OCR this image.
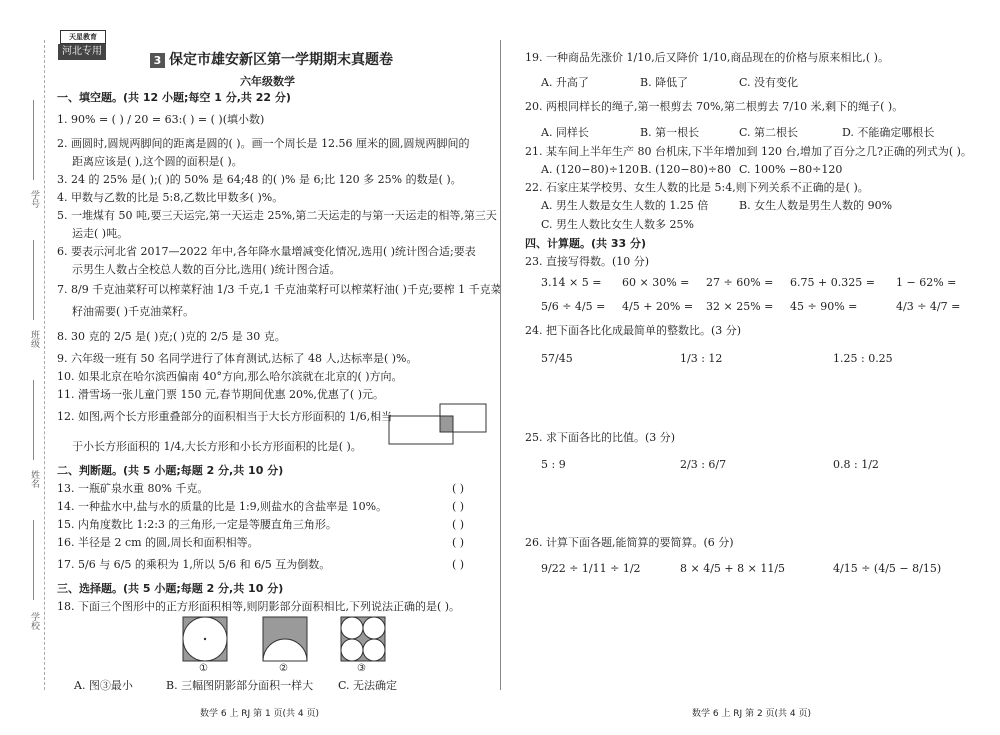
学号
班级
姓名
学校
天星教育
河北专用
3 保定市雄安新区第一学期期末真题卷
六年级数学
一、填空题。(共 12 小题;每空 1 分,共 22 分)
1. 90% = ( ) / 20 = 63:( ) = ( )(填小数)
2. 画圆时,圆规两脚间的距离是圆的( )。画一个周长是 12.56 厘米的圆,圆规两脚间的
距离应该是( ),这个圆的面积是( )。
3. 24 的 25% 是( );( )的 50% 是 64;48 的( )% 是 6;比 120 多 25% 的数是( )。
4. 甲数与乙数的比是 5:8,乙数比甲数多( )%。
5. 一堆煤有 50 吨,要三天运完,第一天运走 25%,第二天运走的与第一天运走的相等,第三天
运走( )吨。
6. 要表示河北省 2017—2022 年中,各年降水量增减变化情况,选用( )统计图合适;要表
示男生人数占全校总人数的百分比,选用( )统计图合适。
7. 8/9 千克油菜籽可以榨菜籽油 1/3 千克,1 千克油菜籽可以榨菜籽油( )千克;要榨 1 千克菜
籽油需要( )千克油菜籽。
8. 30 克的 2/5 是( )克;( )克的 2/5 是 30 克。
9. 六年级一班有 50 名同学进行了体育测试,达标了 48 人,达标率是( )%。
10. 如果北京在哈尔滨西偏南 40°方向,那么哈尔滨就在北京的( )方向。
11. 滑雪场一张儿童门票 150 元,春节期间优惠 20%,优惠了( )元。
12. 如图,两个长方形重叠部分的面积相当于大长方形面积的 1/6,相当
于小长方形面积的 1/4,大长方形和小长方形面积的比是( )。
二、判断题。(共 5 小题;每题 2 分,共 10 分)
13. 一瓶矿泉水重 80% 千克。	( )
14. 一种盐水中,盐与水的质量的比是 1:9,则盐水的含盐率是 10%。	( )
15. 内角度数比 1:2:3 的三角形,一定是等腰直角三角形。	( )
16. 半径是 2 cm 的圆,周长和面积相等。	( )
17. 5/6 与 6/5 的乘积为 1,所以 5/6 和 6/5 互为倒数。	( )
三、选择题。(共 5 小题;每题 2 分,共 10 分)
18. 下面三个图形中的正方形面积相等,则阴影部分面积相比,下列说法正确的是( )。
①	②	③
A. 图③最小	B. 三幅图阴影部分面积一样大 C. 无法确定
数学 6 上 RJ 第 1 页(共 4 页)
19. 一种商品先涨价 1/10,后又降价 1/10,商品现在的价格与原来相比,( )。
A. 升高了	B. 降低了	C. 没有变化
20. 两根同样长的绳子,第一根剪去 70%,第二根剪去 7/10 米,剩下的绳子( )。
A. 同样长	B. 第一根长	C. 第二根长	D. 不能确定哪根长
21. 某车间上半年生产 80 台机床,下半年增加到 120 台,增加了百分之几?正确的列式为( )。
A. (120−80)÷120 B. (120−80)÷80 C. 100% −80÷120
22. 石家庄某学校男、女生人数的比是 5:4,则下列关系不正确的是( )。
A. 男生人数是女生人数的 1.25 倍	B. 女生人数是男生人数的 90%
C. 男生人数比女生人数多 25%
四、计算题。(共 33 分)
23. 直接写得数。(10 分)
3.14 × 5 = 60 × 30% = 27 ÷ 60% = 6.75 + 0.325 = 1 − 62% =
5/6 ÷ 4/5 = 4/5 + 20% = 32 × 25% = 45 ÷ 90% =	4/3 ÷ 4/7 =
24. 把下面各比化成最简单的整数比。(3 分)
57/45	1/3 : 12	1.25 : 0.25
25. 求下面各比的比值。(3 分)
5 : 9	2/3 : 6/7	0.8 : 1/2
26. 计算下面各题,能简算的要简算。(6 分)
9/22 ÷ 1/11 ÷ 1/2	8 × 4/5 + 8 × 11/5	4/15 ÷ (4/5 − 8/15)
数学 6 上 RJ 第 2 页(共 4 页)
